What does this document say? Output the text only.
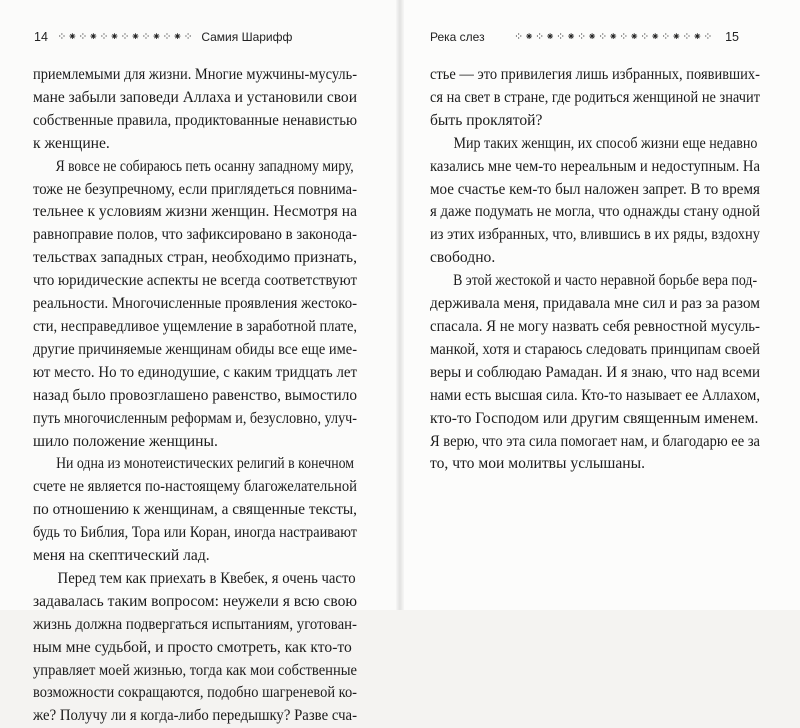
14 ⁘⁕⁘⁕⁘⁕⁘⁕⁘⁕⁘⁕⁘ Самия Шарифф	Река слез	⁘⁕⁘⁕⁘⁕⁘⁕⁘⁕⁘⁕⁘⁕⁘⁕⁘⁕⁘ 15
приемлемыми для жизни. Многие мужчины-мусуль-
мане забыли заповеди Аллаха и установили свои
собственные правила, продиктованные ненавистью
к женщине.
Я вовсе не собираюсь петь осанну западному миру,
тоже не безупречному, если приглядеться повнима-
тельнее к условиям жизни женщин. Несмотря на
равноправие полов, что зафиксировано в законода-
тельствах западных стран, необходимо признать,
что юридические аспекты не всегда соответствуют
реальности. Многочисленные проявления жестоко-
сти, несправедливое ущемление в заработной плате,
другие причиняемые женщинам обиды все еще име-
ют место. Но то единодушие, с каким тридцать лет
назад было провозглашено равенство, вымостило
путь многочисленным реформам и, безусловно, улуч-
шило положение женщины.
Ни одна из монотеистических религий в конечном
счете не является по-настоящему благожелательной
по отношению к женщинам, а священные тексты,
будь то Библия, Тора или Коран, иногда настраивают
меня на скептический лад.
Перед тем как приехать в Квебек, я очень часто
задавалась таким вопросом: неужели я всю свою
жизнь должна подвергаться испытаниям, уготован-
ным мне судьбой, и просто смотреть, как кто-то
управляет моей жизнью, тогда как мои собственные
возможности сокращаются, подобно шагреневой ко-
же? Получу ли я когда-либо передышку? Разве сча-
стье — это привилегия лишь избранных, появивших-
ся на свет в стране, где родиться женщиной не значит
быть проклятой?
Мир таких женщин, их способ жизни еще недавно
казались мне чем-то нереальным и недоступным. На
мое счастье кем-то был наложен запрет. В то время
я даже подумать не могла, что однажды стану одной
из этих избранных, что, влившись в их ряды, вздохну
свободно.
В этой жестокой и часто неравной борьбе вера под-
держивала меня, придавала мне сил и раз за разом
спасала. Я не могу назвать себя ревностной мусуль-
манкой, хотя и стараюсь следовать принципам своей
веры и соблюдаю Рамадан. И я знаю, что над всеми
нами есть высшая сила. Кто-то называет ее Аллахом,
кто-то Господом или другим священным именем.
Я верю, что эта сила помогает нам, и благодарю ее за
то, что мои молитвы услышаны.
